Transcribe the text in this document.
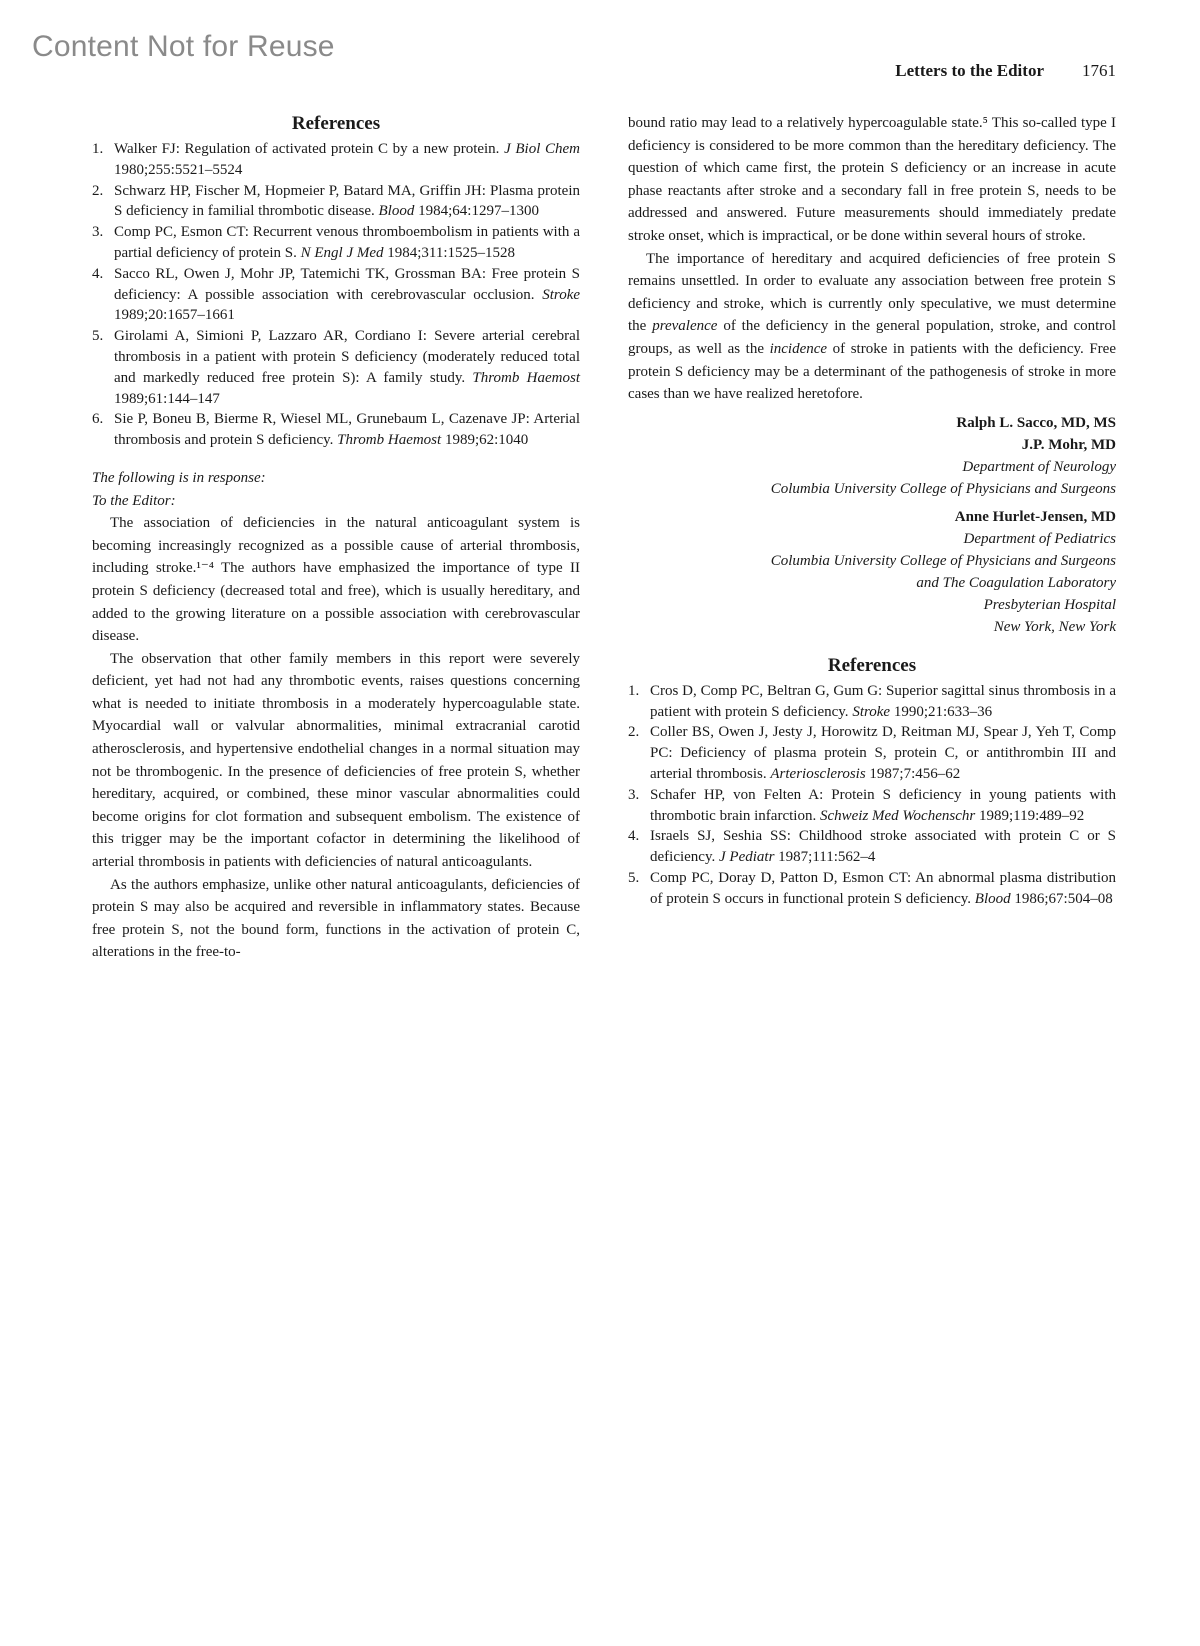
Content Not for Reuse
Letters to the Editor 1761
References
1. Walker FJ: Regulation of activated protein C by a new protein. J Biol Chem 1980;255:5521–5524
2. Schwarz HP, Fischer M, Hopmeier P, Batard MA, Griffin JH: Plasma protein S deficiency in familial thrombotic disease. Blood 1984;64:1297–1300
3. Comp PC, Esmon CT: Recurrent venous thromboembolism in patients with a partial deficiency of protein S. N Engl J Med 1984;311:1525–1528
4. Sacco RL, Owen J, Mohr JP, Tatemichi TK, Grossman BA: Free protein S deficiency: A possible association with cerebrovascular occlusion. Stroke 1989;20:1657–1661
5. Girolami A, Simioni P, Lazzaro AR, Cordiano I: Severe arterial cerebral thrombosis in a patient with protein S deficiency (moderately reduced total and markedly reduced free protein S): A family study. Thromb Haemost 1989;61:144–147
6. Sie P, Boneu B, Bierme R, Wiesel ML, Grunebaum L, Cazenave JP: Arterial thrombosis and protein S deficiency. Thromb Haemost 1989;62:1040

The following is in response:

To the Editor:

The association of deficiencies in the natural anticoagulant system is becoming increasingly recognized as a possible cause of arterial thrombosis, including stroke.¹⁻⁴ The authors have emphasized the importance of type II protein S deficiency (decreased total and free), which is usually hereditary, and added to the growing literature on a possible association with cerebrovascular disease.

The observation that other family members in this report were severely deficient, yet had not had any thrombotic events, raises questions concerning what is needed to initiate thrombosis in a moderately hypercoagulable state. Myocardial wall or valvular abnormalities, minimal extracranial carotid atherosclerosis, and hypertensive endothelial changes in a normal situation may not be thrombogenic. In the presence of deficiencies of free protein S, whether hereditary, acquired, or combined, these minor vascular abnormalities could become origins for clot formation and subsequent embolism. The existence of this trigger may be the important cofactor in determining the likelihood of arterial thrombosis in patients with deficiencies of natural anticoagulants.

As the authors emphasize, unlike other natural anticoagulants, deficiencies of protein S may also be acquired and reversible in inflammatory states. Because free protein S, not the bound form, functions in the activation of protein C, alterations in the free-to-

bound ratio may lead to a relatively hypercoagulable state.⁵ This so-called type I deficiency is considered to be more common than the hereditary deficiency. The question of which came first, the protein S deficiency or an increase in acute phase reactants after stroke and a secondary fall in free protein S, needs to be addressed and answered. Future measurements should immediately predate stroke onset, which is impractical, or be done within several hours of stroke.

The importance of hereditary and acquired deficiencies of free protein S remains unsettled. In order to evaluate any association between free protein S deficiency and stroke, which is currently only speculative, we must determine the prevalence of the deficiency in the general population, stroke, and control groups, as well as the incidence of stroke in patients with the deficiency. Free protein S deficiency may be a determinant of the pathogenesis of stroke in more cases than we have realized heretofore.

Ralph L. Sacco, MD, MS
J.P. Mohr, MD
Department of Neurology
Columbia University College of Physicians and Surgeons
Anne Hurlet-Jensen, MD
Department of Pediatrics
Columbia University College of Physicians and Surgeons
and The Coagulation Laboratory
Presbyterian Hospital
New York, New York
References
1. Cros D, Comp PC, Beltran G, Gum G: Superior sagittal sinus thrombosis in a patient with protein S deficiency. Stroke 1990;21:633–36
2. Coller BS, Owen J, Jesty J, Horowitz D, Reitman MJ, Spear J, Yeh T, Comp PC: Deficiency of plasma protein S, protein C, or antithrombin III and arterial thrombosis. Arteriosclerosis 1987;7:456–62
3. Schafer HP, von Felten A: Protein S deficiency in young patients with thrombotic brain infarction. Schweiz Med Wochenschr 1989;119:489–92
4. Israels SJ, Seshia SS: Childhood stroke associated with protein C or S deficiency. J Pediatr 1987;111:562–4
5. Comp PC, Doray D, Patton D, Esmon CT: An abnormal plasma distribution of protein S occurs in functional protein S deficiency. Blood 1986;67:504–08
